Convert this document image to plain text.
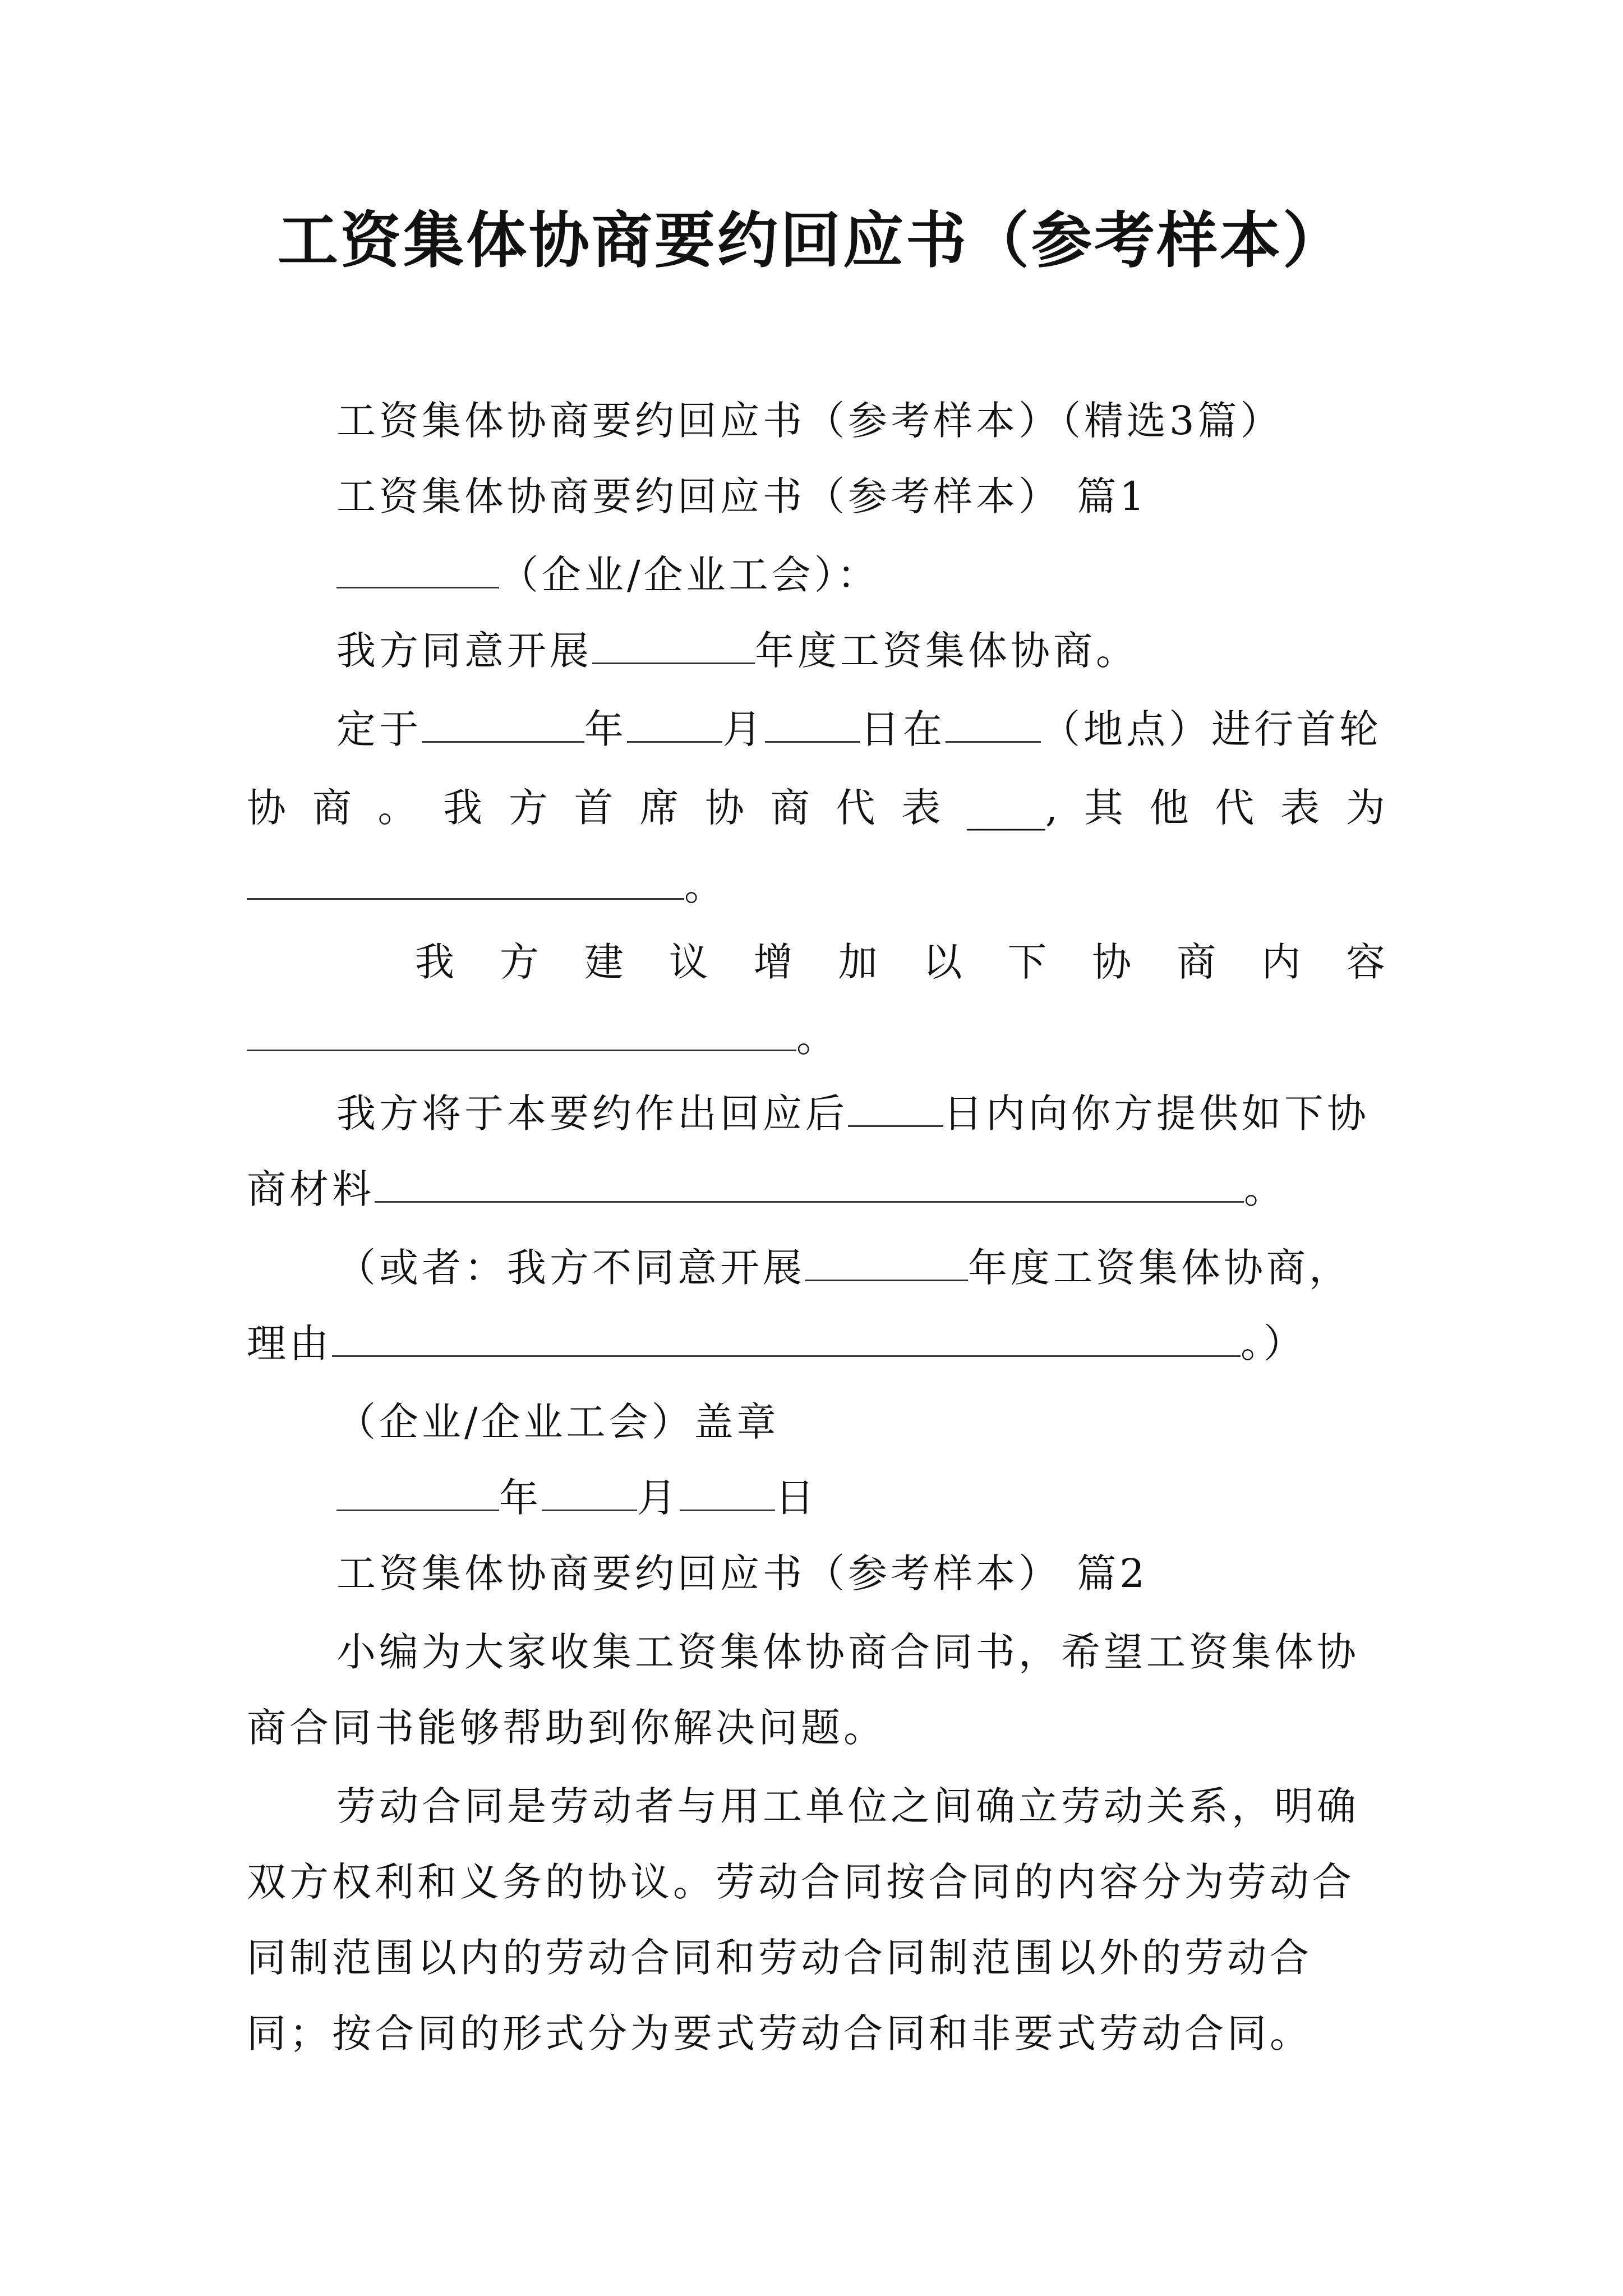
工资集体协商要约回应书（参考样本）
工资集体协商要约回应书（参考样本）（精选3篇）
工资集体协商要约回应书（参考样本） 篇1
（企业/企业工会）：
我方同意开展	年度工资集体协商。
定于	年 月 日在 （地点）进行首轮
协 商 。 我 方 首 席 协 商 代 表 ____, 其 他 代 表 为
。
我 方 建 议 增 加 以 下 协 商 内 容
。
我方将于本要约作出回应后 日内向你方提供如下协
商材料	。
（或者：我方不同意开展	年度工资集体协商，
理由	。）
（企业/企业工会）盖章
年 月 日
工资集体协商要约回应书（参考样本） 篇2
小编为大家收集工资集体协商合同书，希望工资集体协
商合同书能够帮助到你解决问题。
劳动合同是劳动者与用工单位之间确立劳动关系，明确
双方权利和义务的协议。劳动合同按合同的内容分为劳动合
同制范围以内的劳动合同和劳动合同制范围以外的劳动合
同；按合同的形式分为要式劳动合同和非要式劳动合同。
